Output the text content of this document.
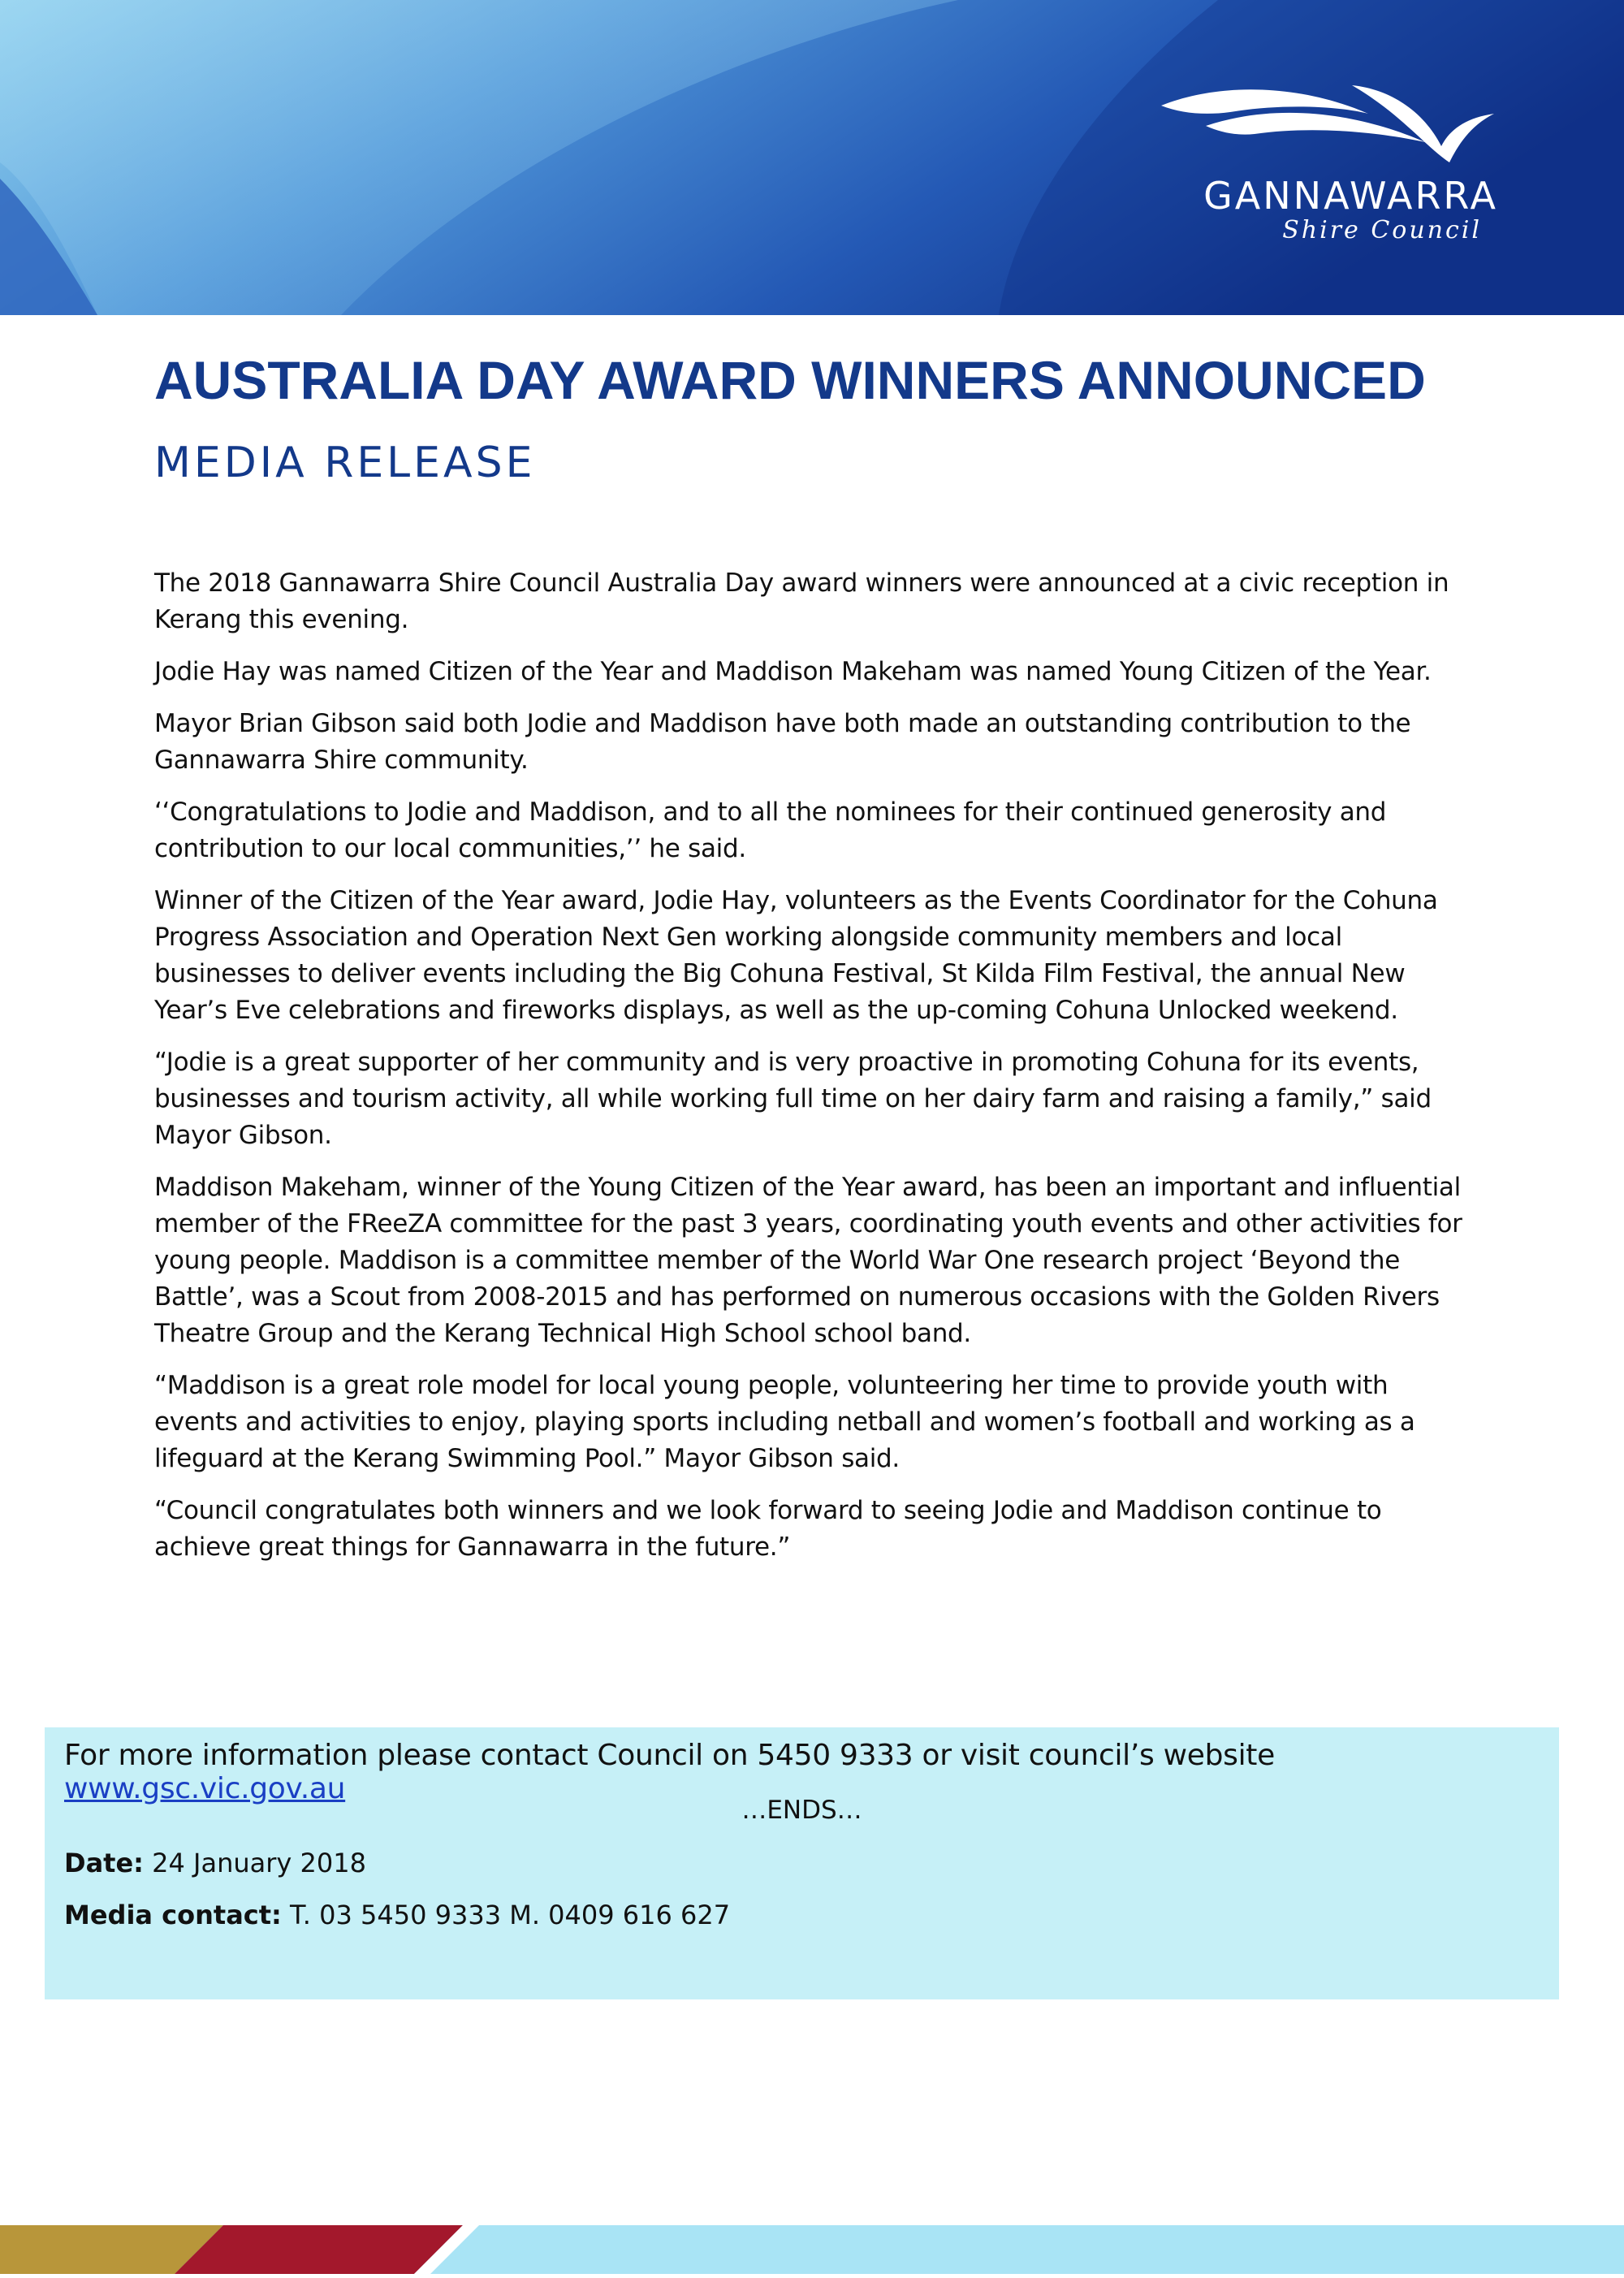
GANNAWARRA
Shire Council
AUSTRALIA DAY AWARD WINNERS ANNOUNCED
MEDIA RELEASE

The 2018 Gannawarra Shire Council Australia Day award winners were announced at a civic reception in Kerang this evening.

Jodie Hay was named Citizen of the Year and Maddison Makeham was named Young Citizen of the Year.

Mayor Brian Gibson said both Jodie and Maddison have both made an outstanding contribution to the Gannawarra Shire community.

‘‘Congratulations to Jodie and Maddison, and to all the nominees for their continued generosity and contribution to our local communities,’’ he said.

Winner of the Citizen of the Year award, Jodie Hay, volunteers as the Events Coordinator for the Cohuna Progress Association and Operation Next Gen working alongside community members and local businesses to deliver events including the Big Cohuna Festival, St Kilda Film Festival, the annual New Year’s Eve celebrations and fireworks displays, as well as the up-coming Cohuna Unlocked weekend.

“Jodie is a great supporter of her community and is very proactive in promoting Cohuna for its events, businesses and tourism activity, all while working full time on her dairy farm and raising a family,” said Mayor Gibson.

Maddison Makeham, winner of the Young Citizen of the Year award, has been an important and influential member of the FReeZA committee for the past 3 years, coordinating youth events and other activities for young people. Maddison is a committee member of the World War One research project ‘Beyond the Battle’, was a Scout from 2008-2015 and has performed on numerous occasions with the Golden Rivers Theatre Group and the Kerang Technical High School school band.

“Maddison is a great role model for local young people, volunteering her time to provide youth with events and activities to enjoy, playing sports including netball and women’s football and working as a lifeguard at the Kerang Swimming Pool.” Mayor Gibson said.

“Council congratulates both winners and we look forward to seeing Jodie and Maddison continue to achieve great things for Gannawarra in the future.”

For more information please contact Council on 5450 9333 or visit council’s website www.gsc.vic.gov.au

…ENDS…

Date: 24 January 2018

Media contact: T. 03 5450 9333 M. 0409 616 627
